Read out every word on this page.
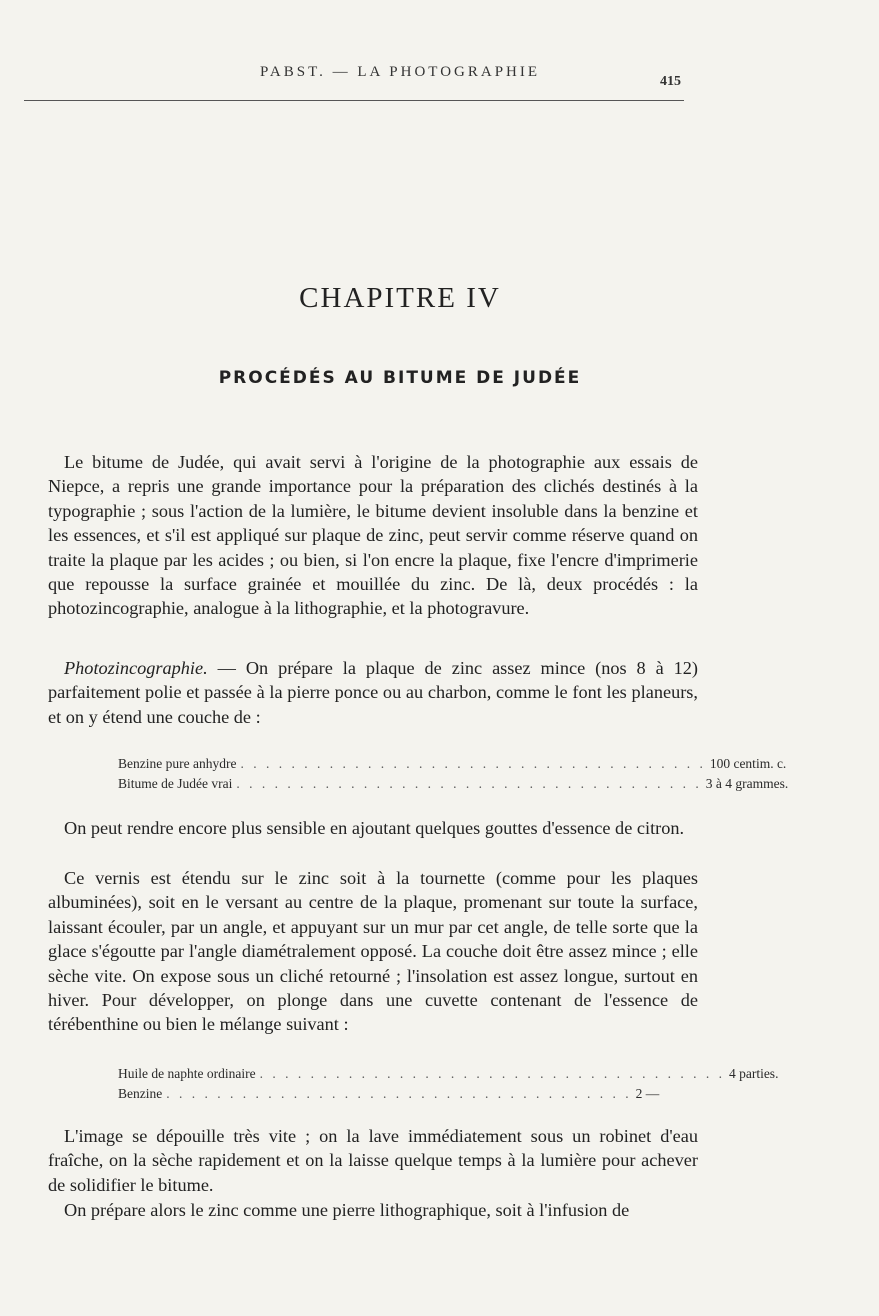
PABST. — LA PHOTOGRAPHIE
415
CHAPITRE IV
PROCÉDÉS AU BITUME DE JUDÉE

Le bitume de Judée, qui avait servi à l'origine de la photographie aux essais de Niepce, a repris une grande importance pour la préparation des clichés destinés à la typographie ; sous l'action de la lumière, le bitume devient insoluble dans la benzine et les essences, et s'il est appliqué sur plaque de zinc, peut servir comme réserve quand on traite la plaque par les acides ; ou bien, si l'on encre la plaque, fixe l'encre d'imprimerie que repousse la surface grainée et mouillée du zinc. De là, deux procédés : la photozincographie, analogue à la lithographie, et la photogravure.

Photozincographie. — On prépare la plaque de zinc assez mince (nos 8 à 12) parfaitement polie et passée à la pierre ponce ou au charbon, comme le font les planeurs, et on y étend une couche de :

Benzine pure anhydre . . . . . . . . . . . . . . . . . . . . . . . . . . . . . . . . . . . . . 100 centim. c.
Bitume de Judée vrai . . . . . . . . . . . . . . . . . . . . . . . . . . . . . . . . . . . . . 3 à 4 grammes.

On peut rendre encore plus sensible en ajoutant quelques gouttes d'essence de citron.

Ce vernis est étendu sur le zinc soit à la tournette (comme pour les plaques albuminées), soit en le versant au centre de la plaque, promenant sur toute la surface, laissant écouler, par un angle, et appuyant sur un mur par cet angle, de telle sorte que la glace s'égoutte par l'angle diamétralement opposé. La couche doit être assez mince ; elle sèche vite. On expose sous un cliché retourné ; l'insolation est assez longue, surtout en hiver. Pour développer, on plonge dans une cuvette contenant de l'essence de térébenthine ou bien le mélange suivant :

Huile de naphte ordinaire . . . . . . . . . . . . . . . . . . . . . . . . . . . . . . . . . . . . . 4 parties.
Benzine . . . . . . . . . . . . . . . . . . . . . . . . . . . . . . . . . . . . . 2 —

L'image se dépouille très vite ; on la lave immédiatement sous un robinet d'eau fraîche, on la sèche rapidement et on la laisse quelque temps à la lumière pour achever de solidifier le bitume.

On prépare alors le zinc comme une pierre lithographique, soit à l'infusion de
